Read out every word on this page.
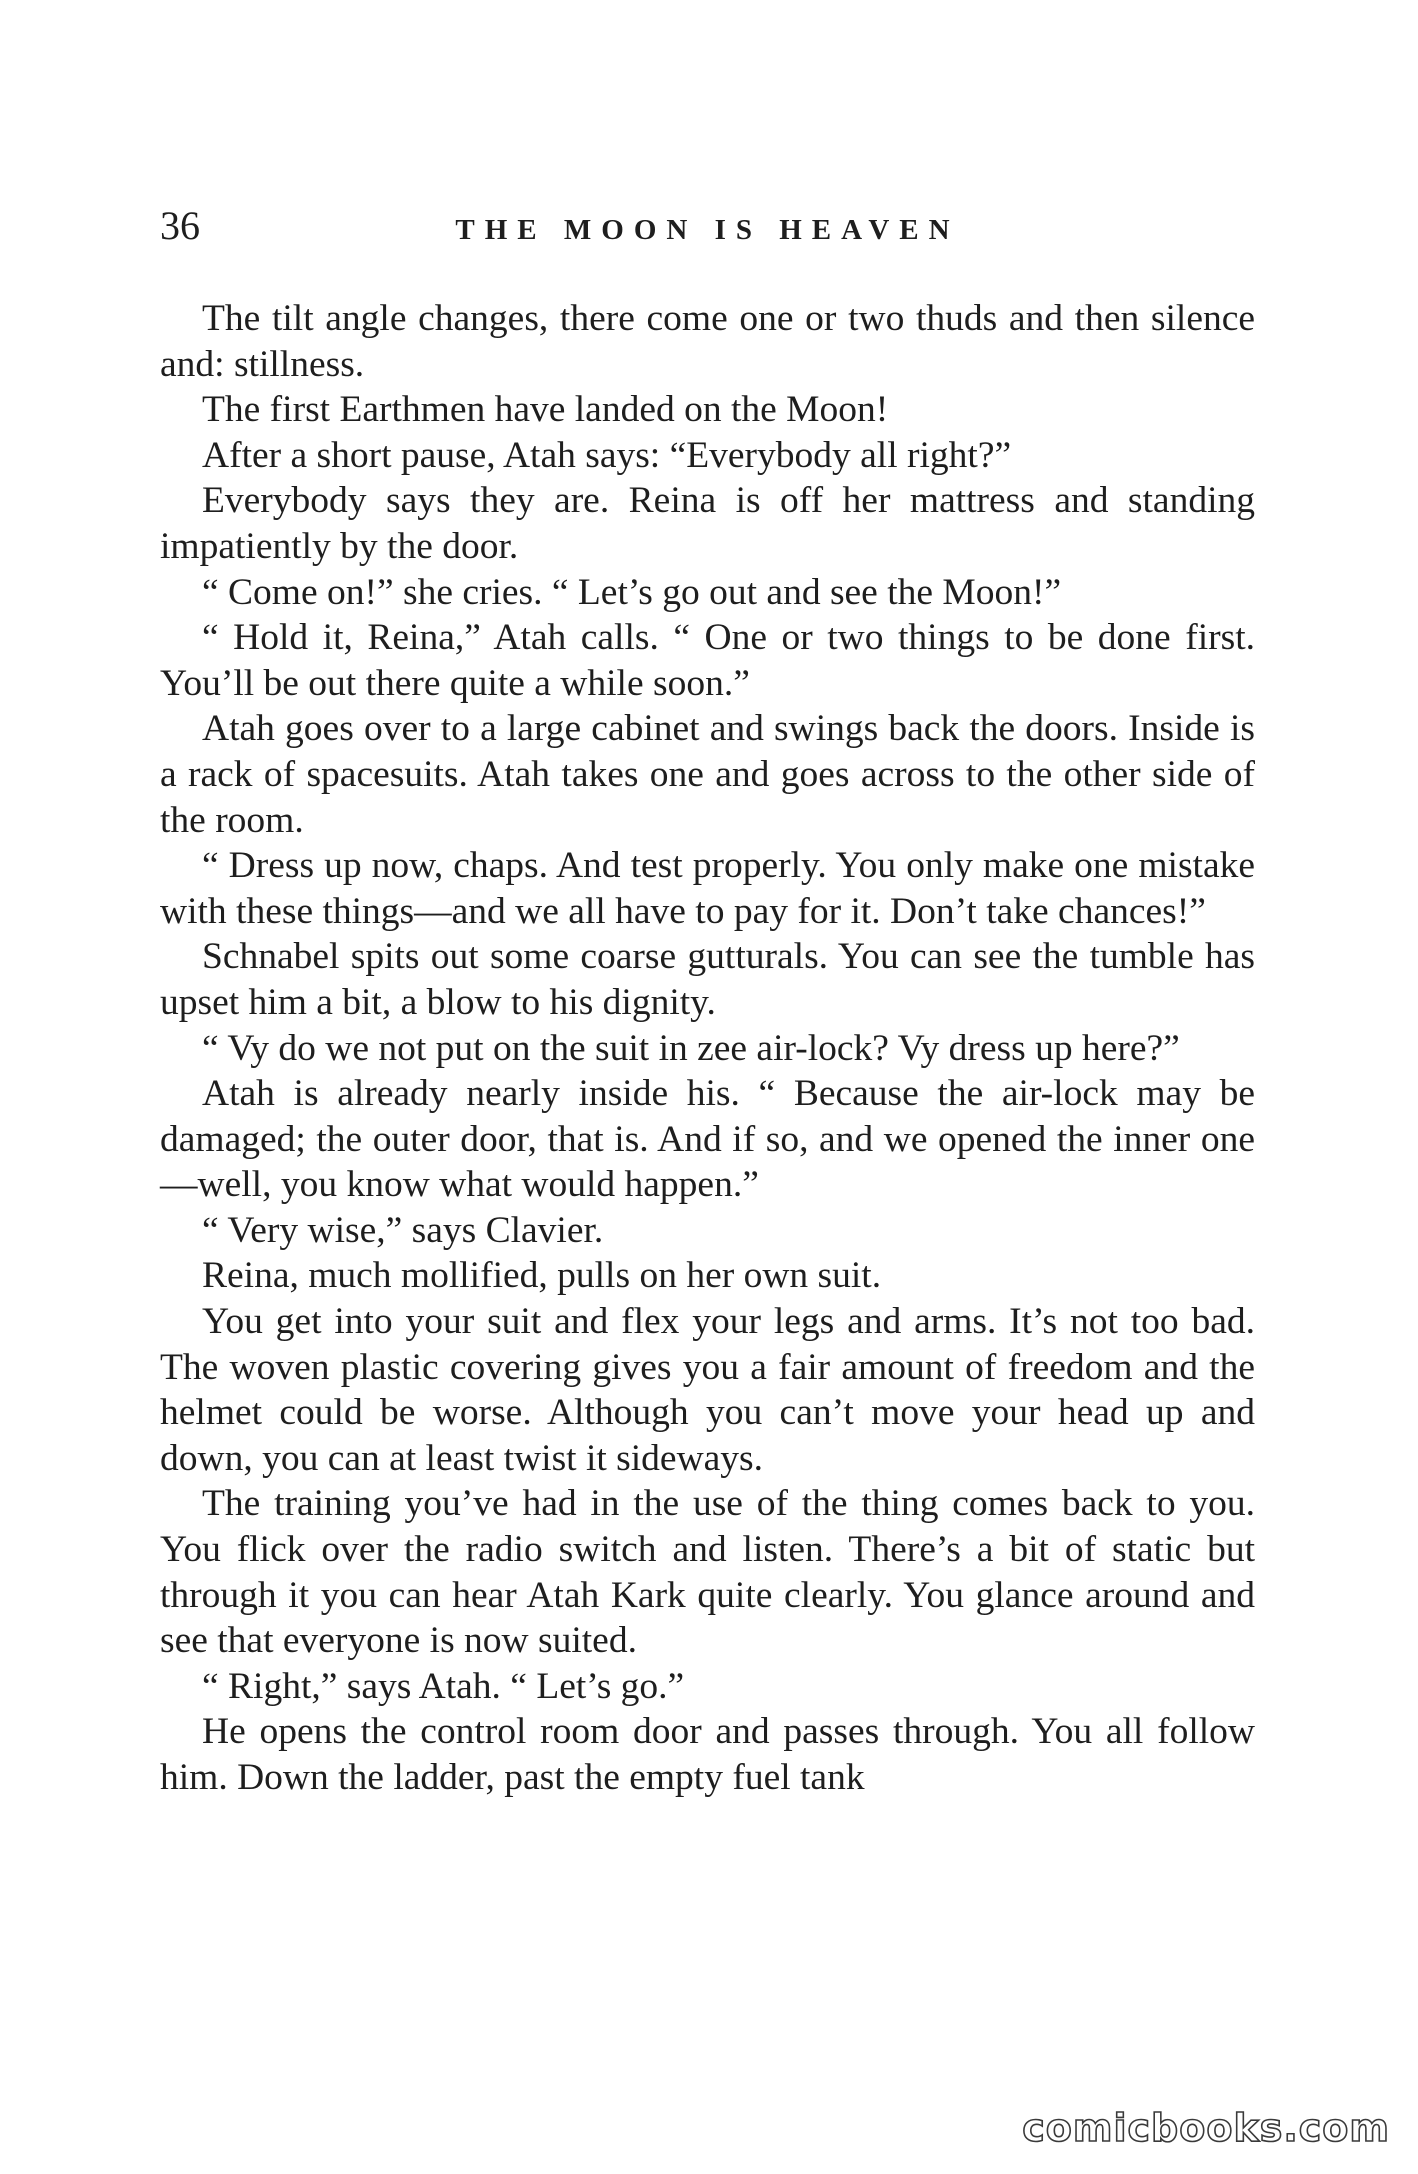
36	THE MOON IS HEAVEN

The tilt angle changes, there come one or two thuds and then silence and: stillness.

The first Earthmen have landed on the Moon!

After a short pause, Atah says: “Everybody all right?”

Everybody says they are. Reina is off her mattress and standing impatiently by the door.

“ Come on!” she cries. “ Let’s go out and see the Moon!”

“ Hold it, Reina,” Atah calls. “ One or two things to be done first. You’ll be out there quite a while soon.”

Atah goes over to a large cabinet and swings back the doors. Inside is a rack of spacesuits. Atah takes one and goes across to the other side of the room.

“ Dress up now, chaps. And test properly. You only make one mistake with these things—and we all have to pay for it. Don’t take chances!”

Schnabel spits out some coarse gutturals. You can see the tumble has upset him a bit, a blow to his dignity.

“ Vy do we not put on the suit in zee air-lock? Vy dress up here?”

Atah is already nearly inside his. “ Because the air-lock may be damaged; the outer door, that is. And if so, and we opened the inner one—well, you know what would happen.”

“ Very wise,” says Clavier.

Reina, much mollified, pulls on her own suit.

You get into your suit and flex your legs and arms. It’s not too bad. The woven plastic covering gives you a fair amount of freedom and the helmet could be worse. Although you can’t move your head up and down, you can at least twist it sideways.

The training you’ve had in the use of the thing comes back to you. You flick over the radio switch and listen. There’s a bit of static but through it you can hear Atah Kark quite clearly. You glance around and see that everyone is now suited.

“ Right,” says Atah. “ Let’s go.”

He opens the control room door and passes through. You all follow him. Down the ladder, past the empty fuel tank

comicbooks.com
